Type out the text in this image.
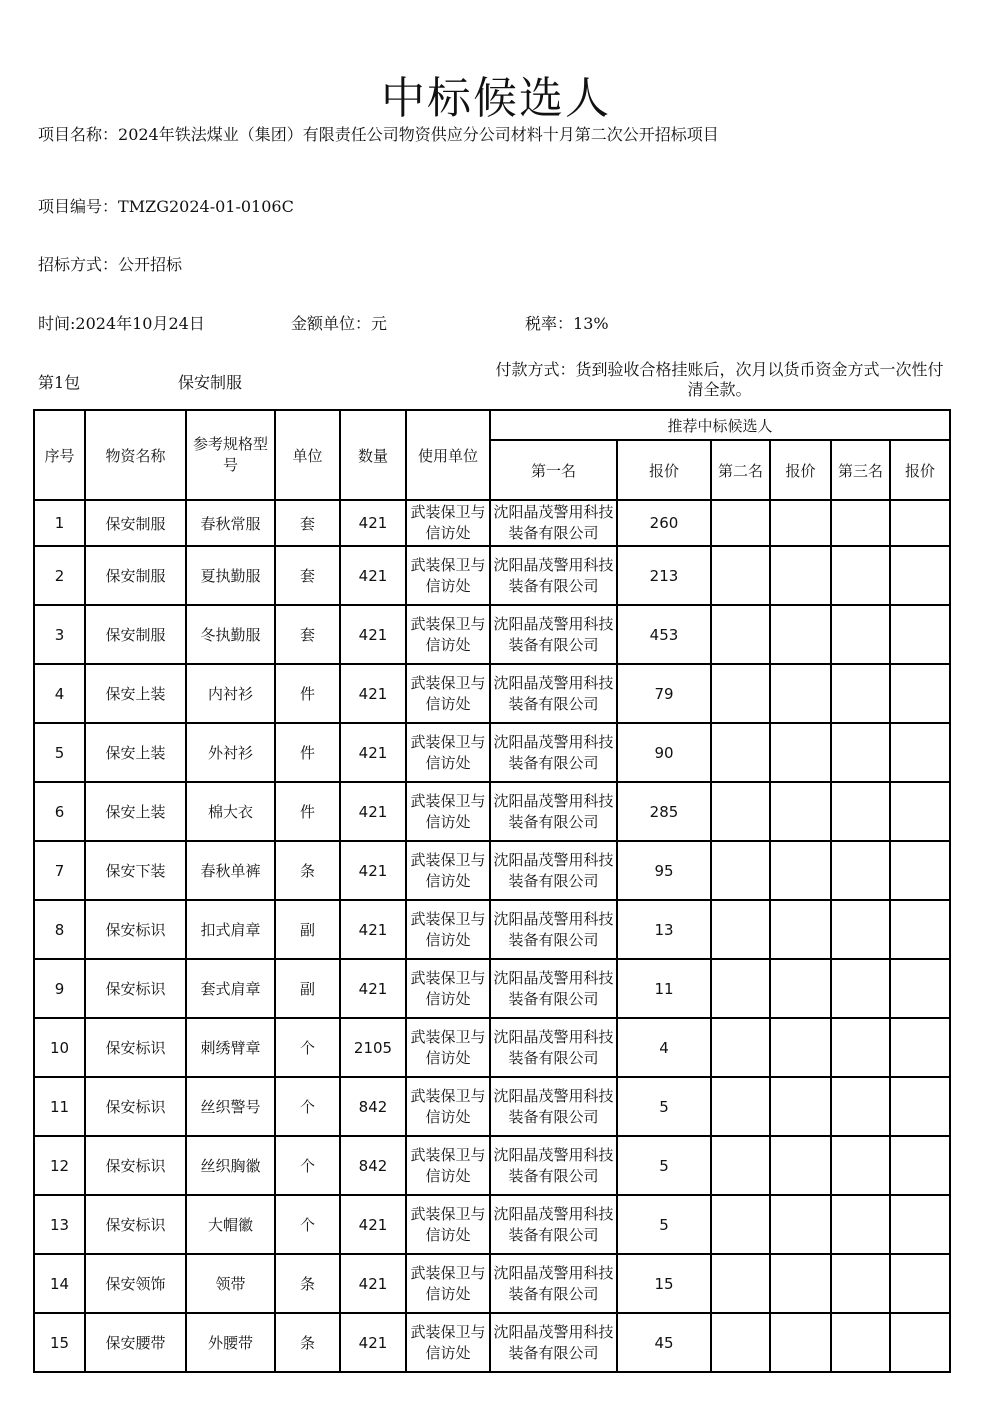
中标候选人
项目名称：2024年铁法煤业（集团）有限责任公司物资供应分公司材料十月第二次公开招标项目
项目编号：TMZG2024-01-0106C
招标方式：公开招标
时间:2024年10月24日	金额单位：元	税率：13%
第1包	保安制服
付款方式：货到验收合格挂账后，次月以货币资金方式一次性付清全款。
序号	物资名称	参考规格型号	单位	数量	使用单位	推荐中标候选人					
						第一名	报价	第二名	报价	第三名	报价
1	保安制服	春秋常服	套	421	武装保卫与信访处	沈阳晶茂警用科技装备有限公司	260				
2	保安制服	夏执勤服	套	421	武装保卫与信访处	沈阳晶茂警用科技装备有限公司	213				
3	保安制服	冬执勤服	套	421	武装保卫与信访处	沈阳晶茂警用科技装备有限公司	453				
4	保安上装	内衬衫	件	421	武装保卫与信访处	沈阳晶茂警用科技装备有限公司	79				
5	保安上装	外衬衫	件	421	武装保卫与信访处	沈阳晶茂警用科技装备有限公司	90				
6	保安上装	棉大衣	件	421	武装保卫与信访处	沈阳晶茂警用科技装备有限公司	285				
7	保安下装	春秋单裤	条	421	武装保卫与信访处	沈阳晶茂警用科技装备有限公司	95				
8	保安标识	扣式肩章	副	421	武装保卫与信访处	沈阳晶茂警用科技装备有限公司	13				
9	保安标识	套式肩章	副	421	武装保卫与信访处	沈阳晶茂警用科技装备有限公司	11				
10	保安标识	刺绣臂章	个	2105	武装保卫与信访处	沈阳晶茂警用科技装备有限公司	4				
11	保安标识	丝织警号	个	842	武装保卫与信访处	沈阳晶茂警用科技装备有限公司	5				
12	保安标识	丝织胸徽	个	842	武装保卫与信访处	沈阳晶茂警用科技装备有限公司	5				
13	保安标识	大帽徽	个	421	武装保卫与信访处	沈阳晶茂警用科技装备有限公司	5				
14	保安领饰	领带	条	421	武装保卫与信访处	沈阳晶茂警用科技装备有限公司	15				
15	保安腰带	外腰带	条	421	武装保卫与信访处	沈阳晶茂警用科技装备有限公司	45				
